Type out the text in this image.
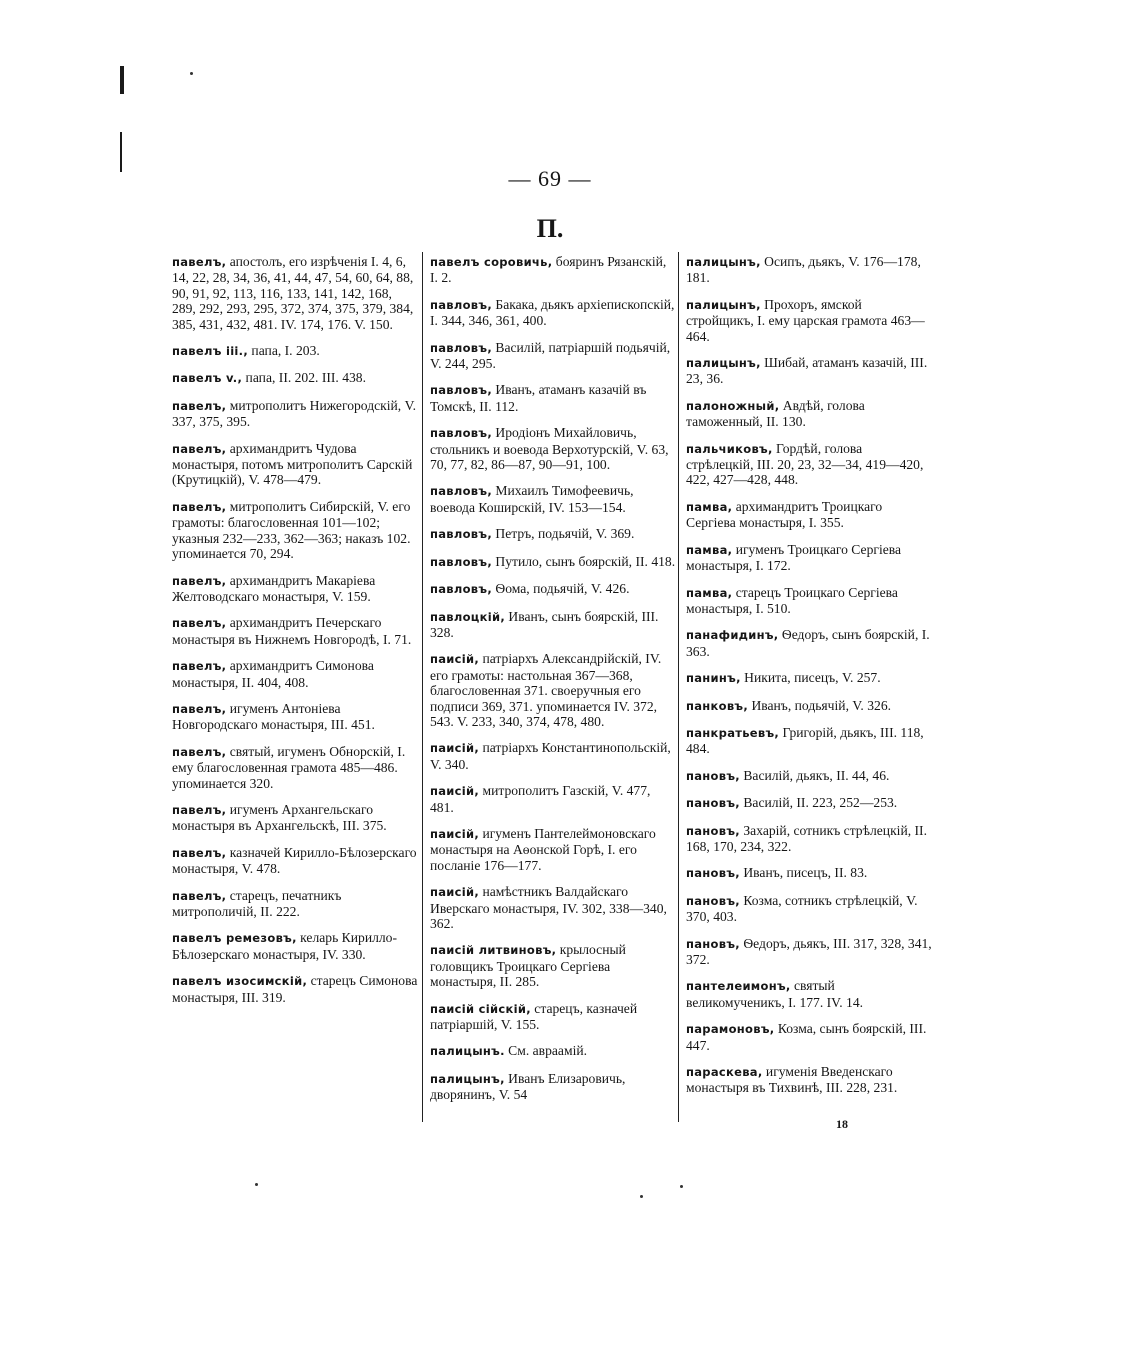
— 69 —
П.
павелъ, апостолъ, его изрѣченія I. 4, 6, 14, 22, 28, 34, 36, 41, 44, 47, 54, 60, 64, 88, 90, 91, 92, 113, 116, 133, 141, 142, 168, 289, 292, 293, 295, 372, 374, 375, 379, 384, 385, 431, 432, 481. IV. 174, 176. V. 150.
павелъ ііі., папа, I. 203.
павелъ v., папа, II. 202. III. 438.
павелъ, митрополитъ Нижегородскій, V. 337, 375, 395.
павелъ, архимандритъ Чудова монастыря, потомъ митрополитъ Сарскій (Крутицкій), V. 478—479.
павелъ, митрополитъ Сибирскій, V. его грамоты: благословенная 101—102; указныя 232—233, 362—363; наказъ 102. упоминается 70, 294.
павелъ, архимандритъ Макаріева Желтоводскаго монастыря, V. 159.
павелъ, архимандритъ Печерскаго монастыря въ Нижнемъ Новгородѣ, I. 71.
павелъ, архимандритъ Симонова монастыря, II. 404, 408.
павелъ, игуменъ Антоніева Новгородскаго монастыря, III. 451.
павелъ, святый, игуменъ Обнорскій, I. ему благословенная грамота 485—486. упоминается 320.
павелъ, игуменъ Архангельскаго монастыря въ Архангельскѣ, III. 375.
павелъ, казначей Кирилло-Бѣлозерскаго монастыря, V. 478.
павелъ, старецъ, печатникъ митрополичій, II. 222.
павелъ ремезовъ, келарь Кирилло-Бѣлозерскаго монастыря, IV. 330.
павелъ изосимскій, старецъ Симонова монастыря, III. 319.
павелъ соровичь, бояринъ Рязанскій, I. 2.
павловъ, Бакака, дьякъ архіепископскій, I. 344, 346, 361, 400.
павловъ, Василій, патріаршій подьячій, V. 244, 295.
павловъ, Иванъ, атаманъ казачій въ Томскѣ, II. 112.
павловъ, Иродіонъ Михайловичь, стольникъ и воевода Верхотурскій, V. 63, 70, 77, 82, 86—87, 90—91, 100.
павловъ, Михаилъ Тимофеевичь, воевода Коширскій, IV. 153—154.
павловъ, Петръ, подьячій, V. 369.
павловъ, Путило, сынъ боярскій, II. 418.
павловъ, Ѳома, подьячій, V. 426.
павлоцкій, Иванъ, сынъ боярскій, III. 328.
паисій, патріархъ Александрійскій, IV. его грамоты: настольная 367—368, благословенная 371. своеручныя его подписи 369, 371. упоминается IV. 372, 543. V. 233, 340, 374, 478, 480.
паисій, патріархъ Константинопольскій, V. 340.
паисій, митрополитъ Газскій, V. 477, 481.
паисій, игуменъ Пантелеймоновскаго монастыря на Аѳонской Горѣ, I. его посланіе 176—177.
паисій, намѣстникъ Валдайскаго Иверскаго монастыря, IV. 302, 338—340, 362.
паисій литвиновъ, крылосный головщикъ Троицкаго Сергіева монастыря, II. 285.
паисій сійскій, старецъ, казначей патріаршій, V. 155.
палицынъ. См. авраамій.
палицынъ, Иванъ Елизаровичь, дворянинъ, V. 54
палицынъ, Осипъ, дьякъ, V. 176—178, 181.
палицынъ, Прохоръ, ямской стройщикъ, I. ему царская грамота 463—464.
палицынъ, Шибай, атаманъ казачій, III. 23, 36.
палоножный, Авдѣй, голова таможенный, II. 130.
пальчиковъ, Гордѣй, голова стрѣлецкій, III. 20, 23, 32—34, 419—420, 422, 427—428, 448.
памва, архимандритъ Троицкаго Сергіева монастыря, I. 355.
памва, игуменъ Троицкаго Сергіева монастыря, I. 172.
памва, старецъ Троицкаго Сергіева монастыря, I. 510.
панафидинъ, Ѳедоръ, сынъ боярскій, I. 363.
панинъ, Никита, писецъ, V. 257.
панковъ, Иванъ, подьячій, V. 326.
панкратьевъ, Григорій, дьякъ, III. 118, 484.
пановъ, Василій, дьякъ, II. 44, 46.
пановъ, Василій, II. 223, 252—253.
пановъ, Захарій, сотникъ стрѣлецкій, II. 168, 170, 234, 322.
пановъ, Иванъ, писецъ, II. 83.
пановъ, Козма, сотникъ стрѣлецкій, V. 370, 403.
пановъ, Ѳедоръ, дьякъ, III. 317, 328, 341, 372.
пантелеимонъ, святый великомученикъ, I. 177. IV. 14.
парамоновъ, Козма, сынъ боярскій, III. 447.
параскева, игуменія Введенскаго монастыря въ Тихвинѣ, III. 228, 231.
18
